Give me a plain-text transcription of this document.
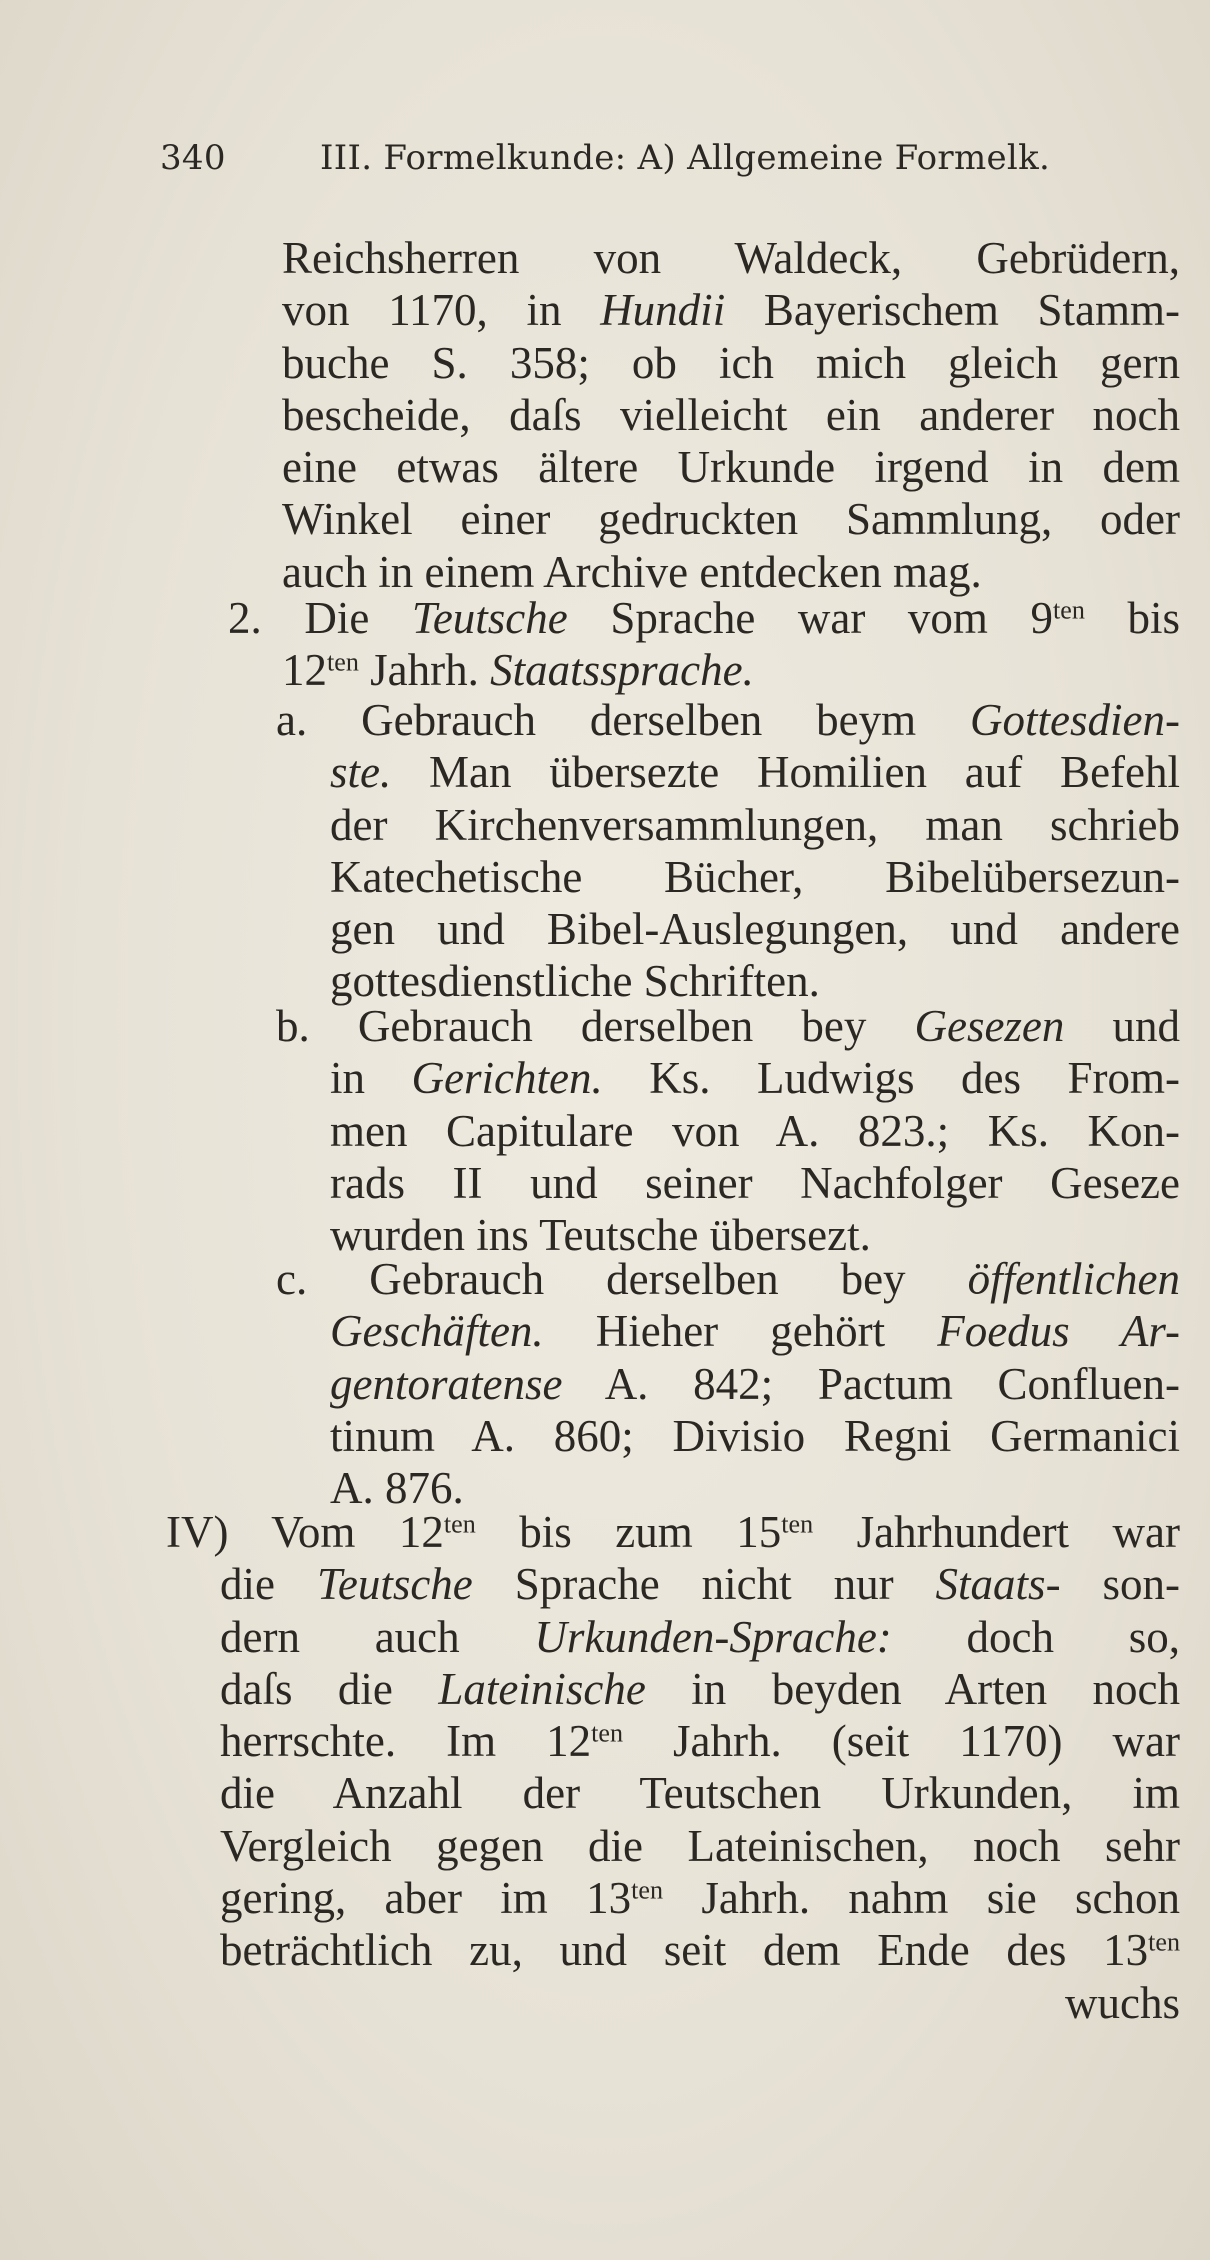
340	III. Formelkunde: A) Allgemeine Formelk.
Reichsherren von Waldeck, Gebrüdern,
von 1170, in Hundii Bayerischem Stamm-
buche S. 358; ob ich mich gleich gern
bescheide, daſs vielleicht ein anderer noch
eine etwas ältere Urkunde irgend in dem
Winkel einer gedruckten Sammlung, oder
auch in einem Archive entdecken mag.
2. Die Teutsche Sprache war vom $9^{ten}$ bis
$12^{ten}$ Jahrh. Staatssprache.
a. Gebrauch derselben beym Gottesdien-
ste. Man übersezte Homilien auf Befehl
der Kirchenversammlungen, man schrieb
Katechetische Bücher, Bibelübersezun-
gen und Bibel-Auslegungen, und andere
gottesdienstliche Schriften.
b. Gebrauch derselben bey Gesezen und
in Gerichten. Ks. Ludwigs des From-
men Capitulare von A. 823.; Ks. Kon-
rads II und seiner Nachfolger Geseze
wurden ins Teutsche übersezt.
c. Gebrauch derselben bey öffentlichen
Geschäften. Hieher gehört Foedus Ar-
gentoratense A. 842; Pactum Confluen-
tinum A. 860; Divisio Regni Germanici
A. 876.
IV) Vom $12^{ten}$ bis zum $15^{ten}$ Jahrhundert war
die Teutsche Sprache nicht nur Staats- son-
dern auch Urkunden-Sprache: doch so,
daſs die Lateinische in beyden Arten noch
herrschte. Im $12^{ten}$ Jahrh. (seit 1170) war
die Anzahl der Teutschen Urkunden, im
Vergleich gegen die Lateinischen, noch sehr
gering, aber im $13^{ten}$ Jahrh. nahm sie schon
beträchtlich zu, und seit dem Ende des $13^{ten}$
wuchs
